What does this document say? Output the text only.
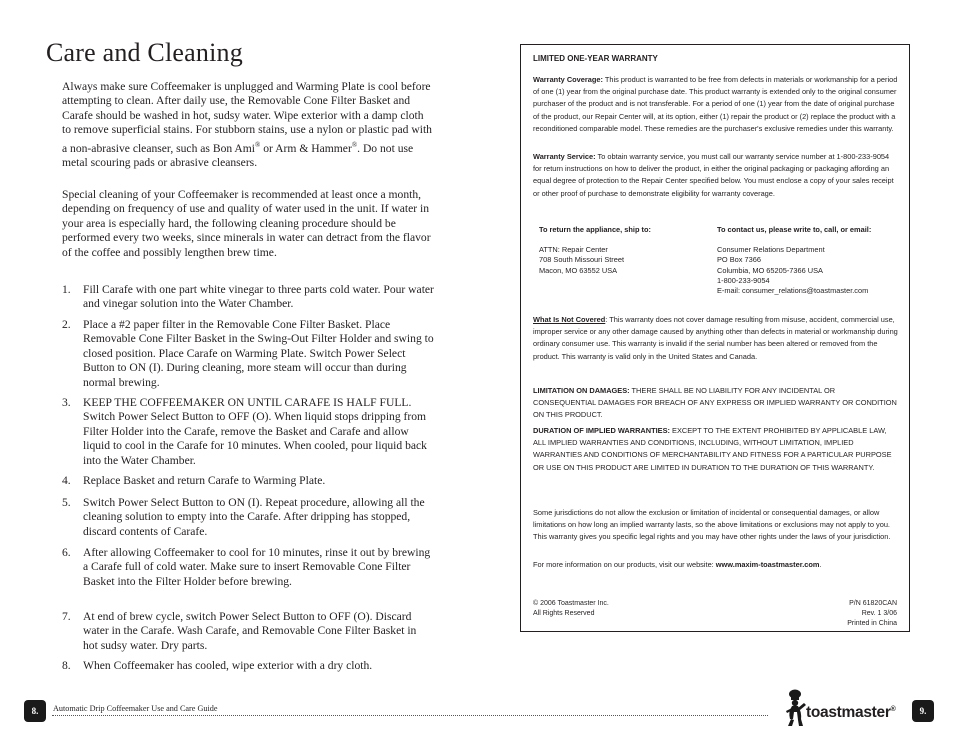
Care and Cleaning

Always make sure Coffeemaker is unplugged and Warming Plate is cool before attempting to clean. After daily use, the Removable Cone Filter Basket and Carafe should be washed in hot, sudsy water. Wipe exterior with a damp cloth to remove superficial stains. For stubborn stains, use a nylon or plastic pad with a non-abrasive cleanser, such as Bon Ami® or Arm & Hammer®. Do not use metal scouring pads or abrasive cleansers.

Special cleaning of your Coffeemaker is recommended at least once a month, depending on frequency of use and quality of water used in the unit. If water in your area is especially hard, the following cleaning procedure should be performed every two weeks, since minerals in water can detract from the flavor of the coffee and possibly lengthen brew time.

1.	Fill Carafe with one part white vinegar to three parts cold water. Pour water and vinegar solution into the Water Chamber.
2.	Place a #2 paper filter in the Removable Cone Filter Basket. Place Removable Cone Filter Basket in the Swing-Out Filter Holder and swing to closed position. Place Carafe on Warming Plate. Switch Power Select Button to ON (I). During cleaning, more steam will occur than during normal brewing.
3.	KEEP THE COFFEEMAKER ON UNTIL CARAFE IS HALF FULL. Switch Power Select Button to OFF (O). When liquid stops dripping from Filter Holder into the Carafe, remove the Basket and Carafe and allow liquid to cool in the Carafe for 10 minutes. When cooled, pour liquid back into the Water Chamber.
4.	Replace Basket and return Carafe to Warming Plate.
5.	Switch Power Select Button to ON (I). Repeat procedure, allowing all the cleaning solution to empty into the Carafe. After dripping has stopped, discard contents of Carafe.
6.	After allowing Coffeemaker to cool for 10 minutes, rinse it out by brewing a Carafe full of cold water. Make sure to insert Removable Cone Filter Basket into the Filter Holder before brewing.
7.	At end of brew cycle, switch Power Select Button to OFF (O). Discard water in the Carafe. Wash Carafe, and Removable Cone Filter Basket in hot sudsy water. Dry parts.
8.	When Coffeemaker has cooled, wipe exterior with a dry cloth.

LIMITED ONE-YEAR WARRANTY

Warranty Coverage: This product is warranted to be free from defects in materials or workmanship for a period of one (1) year from the original purchase date. This product warranty is extended only to the original consumer purchaser of the product and is not transferable. For a period of one (1) year from the date of original purchase of the product, our Repair Center will, at its option, either (1) repair the product or (2) replace the product with a reconditioned comparable model. These remedies are the purchaser's exclusive remedies under this warranty.

Warranty Service: To obtain warranty service, you must call our warranty service number at 1-800-233-9054 for return instructions on how to deliver the product, in either the original packaging or packaging affording an equal degree of protection to the Repair Center specified below. You must enclose a copy of your sales receipt or other proof of purchase to demonstrate eligibility for warranty coverage.

To return the appliance, ship to:
ATTN: Repair Center
708 South Missouri Street
Macon, MO 63552 USA
To contact us, please write to, call, or email:
Consumer Relations Department
PO Box 7366
Columbia, MO 65205-7366 USA
1-800-233-9054
E-mail: consumer_relations@toastmaster.com

What Is Not Covered: This warranty does not cover damage resulting from misuse, accident, commercial use, improper service or any other damage caused by anything other than defects in material or workmanship during ordinary consumer use. This warranty is invalid if the serial number has been altered or removed from the product. This warranty is valid only in the United States and Canada.

LIMITATION ON DAMAGES: THERE SHALL BE NO LIABILITY FOR ANY INCIDENTAL OR CONSEQUENTIAL DAMAGES FOR BREACH OF ANY EXPRESS OR IMPLIED WARRANTY OR CONDITION ON THIS PRODUCT.

DURATION OF IMPLIED WARRANTIES: EXCEPT TO THE EXTENT PROHIBITED BY APPLICABLE LAW, ALL IMPLIED WARRANTIES AND CONDITIONS, INCLUDING, WITHOUT LIMITATION, IMPLIED WARRANTIES AND CONDITIONS OF MERCHANTABILITY AND FITNESS FOR A PARTICULAR PURPOSE OR USE ON THIS PRODUCT ARE LIMITED IN DURATION TO THE DURATION OF THIS WARRANTY.

Some jurisdictions do not allow the exclusion or limitation of incidental or consequential damages, or allow limitations on how long an implied warranty lasts, so the above limitations or exclusions may not apply to you. This warranty gives you specific legal rights and you may have other rights under the laws of your jurisdiction.

For more information on our products, visit our website: www.maxim-toastmaster.com.

© 2006 Toastmaster Inc.
All Rights Reserved
P/N 61820CAN
Rev. 1 3/06
Printed in China
8.	Automatic Drip Coffeemaker Use and Care Guide	toastmaster®	9.
